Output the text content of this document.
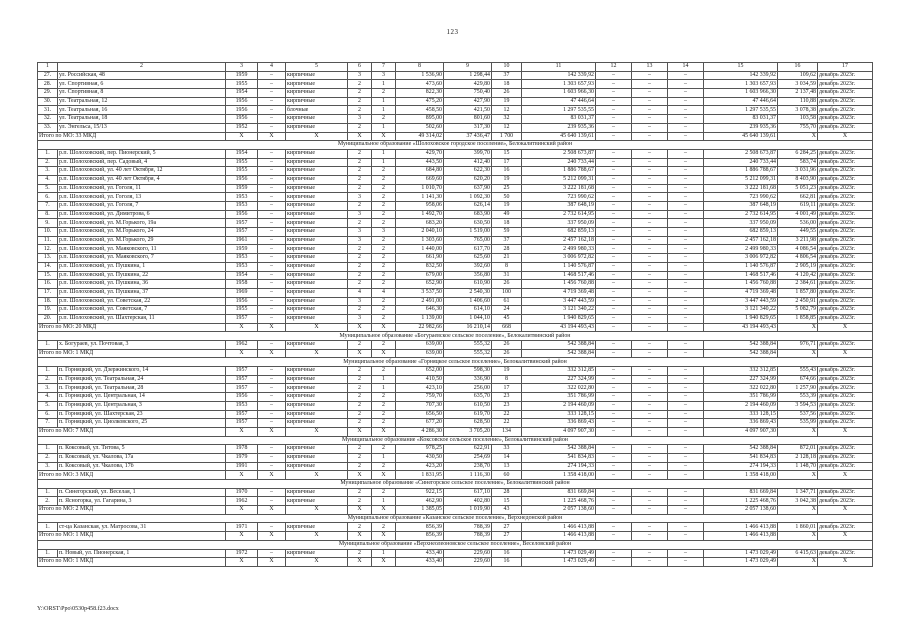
123
1	2	3	4	5	6	7	8	9	10	11	12	13	14	15	16	17
27.	ул. Российская, 48	1959	–	кирпичные	3	3	1 536,90	1 298,44	37	142 339,92	–	–	–	142 339,92	109,62	декабрь 2023г.
28.	ул. Спортивная, 6	1955	–	кирпичные	2	1	473,60	429,80	18	1 303 657,93	–	–	–	1 303 657,93	3 034,59	декабрь 2023г.
29.	ул. Спортивная, 8	1954	–	кирпичные	2	2	822,30	750,40	26	1 603 966,30	–	–	–	1 603 966,30	2 137,48	декабрь 2023г.
30.	ул. Театральная, 12	1956	–	кирпичные	2	1	475,20	427,90	19	47 446,64	–	–	–	47 446,64	110,88	декабрь 2023г.
31.	ул. Театральная, 16	1956	–	блочные	2	1	458,50	421,50	12	1 297 535,55	–	–	–	1 297 535,55	3 078,38	декабрь 2023г.
32.	ул. Театральная, 18	1956	–	кирпичные	3	2	895,00	801,60	32	83 031,37	–	–	–	83 031,37	103,58	декабрь 2023г.
33.	ул. Энгельса, 15/13	1952	–	кирпичные	2	1	502,60	317,30	12	239 935,36	–	–	–	239 935,36	755,70	декабрь 2023г.
Итого по МО: 33 МКД		X	X	X	X	X	49 314,02	37 436,47	1 700	45 640 139,61	–	–	–	45 640 139,61	X	X
Муниципальное образование «Шолоховское городское поселение», Белокалитвинский район																
1.	р.п. Шолоховский, пер. Пионерский, 5	1954	–	кирпичные	2	1	429,70	399,70	15	2 508 673,87	–	–	–	2 508 673,87	6 284,25	декабрь 2023г.
2.	р.п. Шолоховский, пер. Садовый, 4	1955	–	кирпичные	2	1	443,50	412,40	17	240 733,44	–	–	–	240 733,44	583,74	декабрь 2023г.
3.	р.п. Шолоховский, ул. 40 лет Октября, 12	1955	–	кирпичные	2	2	684,80	622,30	16	1 886 788,67	–	–	–	1 886 788,67	3 031,96	декабрь 2023г.
4.	р.п. Шолоховский, ул. 40 лет Октября, 4	1956	–	кирпичные	2	2	669,60	620,20	19	5 212 099,31	–	–	–	5 212 099,31	8 403,90	декабрь 2023г.
5.	р.п. Шолоховский, ул. Гоголя, 11	1959	–	кирпичные	2	2	1 010,70	637,90	25	3 222 181,68	–	–	–	3 222 181,68	5 051,23	декабрь 2023г.
6.	р.п. Шолоховский, ул. Гоголя, 13	1953	–	кирпичные	3	2	1 141,30	1 092,30	50	723 990,62	–	–	–	723 990,62	662,81	декабрь 2023г.
7.	р.п. Шолоховский, ул. Гоголя, 7	1953	–	кирпичные	2	2	958,06	626,14	19	387 648,19	–	–	–	387 648,19	619,11	декабрь 2023г.
8.	р.п. Шолоховский, ул. Димитрова, 6	1956	–	кирпичные	3	2	1 492,70	683,90	49	2 732 614,95	–	–	–	2 732 614,95	4 001,49	декабрь 2023г.
9.	р.п. Шолоховский, ул. М.Горького, 19а	1957	–	кирпичные	2	2	683,20	630,50	18	337 950,09	–	–	–	337 950,09	536,00	декабрь 2023г.
10.	р.п. Шолоховский, ул. М.Горького, 24	1957	–	кирпичные	3	3	2 040,10	1 519,00	59	682 859,13	–	–	–	682 859,13	449,55	декабрь 2023г.
11.	р.п. Шолоховский, ул. М.Горького, 29	1961	–	кирпичные	3	2	1 303,60	765,00	37	2 457 162,18	–	–	–	2 457 162,18	3 211,98	декабрь 2023г.
12.	р.п. Шолоховский, ул. Маяковского, 11	1959	–	кирпичные	2	2	1 440,00	617,70	28	2 499 980,33	–	–	–	2 499 980,33	4 086,54	декабрь 2023г.
13.	р.п. Шолоховский, ул. Маяковского, 7	1953	–	кирпичные	2	2	661,90	625,60	21	3 006 972,82	–	–	–	3 006 972,82	4 806,54	декабрь 2023г.
14.	р.п. Шолоховский, ул. Пушкина, 1	1953	–	кирпичные	2	2	832,50	392,60	8	1 140 576,87	–	–	–	1 140 576,87	2 905,19	декабрь 2023г.
15.	р.п. Шолоховский, ул. Пушкина, 22	1954	–	кирпичные	2	2	679,00	356,80	31	1 468 517,46	–	–	–	1 468 517,46	4 120,42	декабрь 2023г.
16.	р.п. Шолоховский, ул. Пушкина, 36	1958	–	кирпичные	2	2	652,90	610,90	26	1 456 760,88	–	–	–	1 456 760,88	2 384,61	декабрь 2023г.
17.	р.п. Шолоховский, ул. Пушкина, 37	1969	–	кирпичные	4	4	3 537,50	2 540,30	100	4 719 369,48	–	–	–	4 719 369,48	1 857,80	декабрь 2023г.
18.	р.п. Шолоховский, ул. Советская, 22	1956	–	кирпичные	3	2	2 491,00	1 406,60	61	3 447 443,59	–	–	–	3 447 443,59	2 450,91	декабрь 2023г.
19.	р.п. Шолоховский, ул. Советская, 7	1955	–	кирпичные	2	2	646,30	614,10	24	3 121 340,22	–	–	–	3 121 340,22	5 082,79	декабрь 2023г.
20.	р.п. Шолоховский, ул. Шахтерская, 11	1957	–	кирпичные	3	2	1 139,00	1 044,10	45	1 940 829,65	–	–	–	1 940 829,65	1 858,85	декабрь 2023г.
Итого по МО: 20 МКД		X	X	X	X	X	22 982,66	16 210,14	668	43 194 493,43	–	–	–	43 194 493,43	X	X
Муниципальное образование «Богураевское сельское поселение», Белокалитвинский район																
1.	х. Богураев, ул. Почтовая, 3	1962	–	кирпичные	2	2	639,00	555,32	26	542 388,84	–	–	–	542 388,84	976,71	декабрь 2023г.
Итого по МО: 1 МКД		X	X	X	X	X	639,00	555,32	26	542 388,84	–	–	–	542 388,84	X	X
Муниципальное образование «Горняцкое сельское поселение», Белокалитвинский район																
1.	п. Горняцкий, ул. Дзержинского, 14	1957	–	кирпичные	2	2	652,00	598,30	19	332 312,85	–	–	–	332 312,85	555,43	декабрь 2023г.
2.	п. Горняцкий, ул. Театральная, 24	1957	–	кирпичные	2	1	410,50	336,90	8	227 324,99	–	–	–	227 324,99	674,66	декабрь 2023г.
3.	п. Горняцкий, ул. Театральная, 28	1957	–	кирпичные	2	1	423,10	256,00	17	322 022,80	–	–	–	322 022,80	1 257,90	декабрь 2023г.
4.	п. Горняцкий, ул. Центральная, 14	1956	–	кирпичные	2	2	759,70	635,70	23	351 786,99	–	–	–	351 786,99	553,39	декабрь 2023г.
5.	п. Горняцкий, ул. Центральная, 3	1953	–	кирпичные	2	2	707,30	610,50	23	2 194 460,09	–	–	–	2 194 460,09	3 594,53	декабрь 2023г.
6.	п. Горняцкий, ул. Шахтерская, 23	1957	–	кирпичные	2	2	656,50	619,70	22	333 128,15	–	–	–	333 128,15	537,56	декабрь 2023г.
7.	п. Горняцкий, ул. Циолковского, 25	1957	–	кирпичные	2	2	677,20	628,50	22	336 869,43	–	–	–	336 869,43	535,99	декабрь 2023г.
Итого по МО: 7 МКД		X	X	X	X	X	4 286,30	3 705,20	134	4 097 907,30	–	–	–	4 097 907,30	X	X
Муниципальное образование «Коксовское сельское поселение», Белокалитвинский район																
1.	п. Коксовый, ул. Титова, 5	1978	–	кирпичные	2	2	978,25	622,91	33	542 388,84	–	–	–	542 388,84	872,01	декабрь 2023г.
2.	п. Коксовый, ул. Чкалова, 17а	1979	–	кирпичные	2	1	430,50	254,69	14	541 834,83	–	–	–	541 834,83	2 128,18	декабрь 2023г.
3.	п. Коксовый, ул. Чкалова, 17б	1991	–	кирпичные	2	2	423,20	238,70	13	274 194,33	–	–	–	274 194,33	1 148,70	декабрь 2023г.
Итого по МО: 3 МКД		X	X	X	X	X	1 831,95	1 116,30	60	1 358 418,00	–	–	–	1 358 418,00	X	X
Муниципальное образование «Синегорское сельское поселение», Белокалитвинский район																
1.	п. Синегорский, ул. Веселая, 1	1970	–	кирпичные	2	2	922,15	617,10	28	831 669,84	–	–	–	831 669,84	1 347,71	декабрь 2023г.
2.	п. Ясногорка, ул. Гагарина, 3	1962	–	кирпичные	2	1	462,90	402,80	15	1 225 468,76	–	–	–	1 225 468,76	3 042,38	декабрь 2023г.
Итого по МО: 2 МКД		X	X	X	X	X	1 385,05	1 019,90	43	2 057 138,60	–	–	–	2 057 138,60	X	X
Муниципальное образование «Казанское сельское поселение», Верхнедонской район																
1.	ст-ца Казанская, ул. Матросова, 31	1971	–	кирпичные	2	2	856,39	788,39	27	1 466 413,88	–	–	–	1 466 413,88	1 860,01	декабрь 2023г.
Итого по МО: 1 МКД		X	X	X	X	X	856,39	788,39	27	1 466 413,88	–	–	–	1 466 413,88	X	X
Муниципальное образование «Верхнеолеоновское сельское поселение», Веселовский район																
1.	п. Новый, ул. Пионерская, 1	1972	–	кирпичные	2	1	433,40	229,60	16	1 473 029,49	–	–	–	1 473 029,49	6 415,63	декабрь 2023г.
Итого по МО: 1 МКД		X	X	X	X	X	433,40	229,60	16	1 473 029,49	–	–	–	1 473 029,49	X	X
Y:\ORST\Ppo\0530p458.f23.docx
